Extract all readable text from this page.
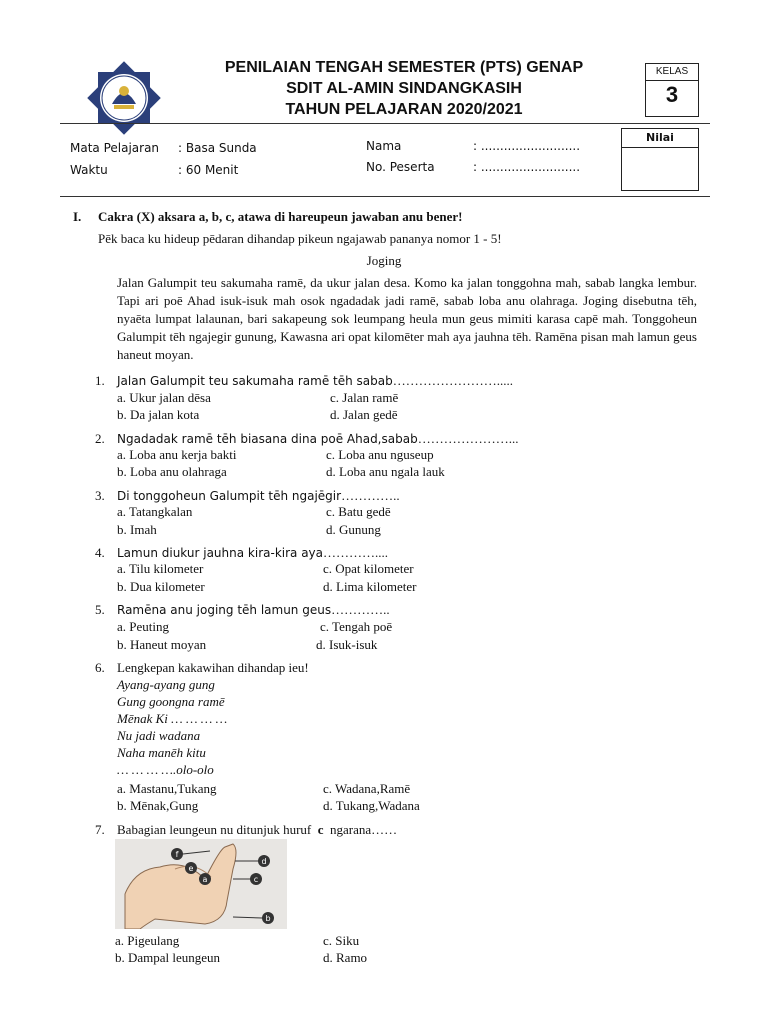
PENILAIAN TENGAH SEMESTER (PTS) GENAP
SDIT AL-AMIN SINDANGKASIH
TAHUN PELAJARAN 2020/2021
KELAS
3
Mata Pelajaran : Basa Sunda
Waktu	: 60 Menit
Nama	: ..........................
No. Peserta	: ..........................
Nilai
I. Cakra (X) aksara a, b, c, atawa di hareupeun jawaban anu bener!
Pēk baca ku hideup pēdaran dihandap pikeun ngajawab pananya nomor 1 - 5!
Joging
Jalan Galumpit teu sakumaha ramē, da ukur jalan desa. Komo ka jalan tonggohna mah, sabab langka lembur. Tapi ari poē Ahad isuk-isuk mah osok ngadadak jadi ramē, sabab loba anu olahraga. Joging disebutna tēh, nyaēta lumpat lalaunan, bari sakapeung sok leumpang heula mun geus mimiti karasa capē mah. Tonggoheun Galumpit tēh ngajegir gunung, Kawasna ari opat kilomēter mah aya jauhna tēh. Ramēna pisan mah lamun geus haneut moyan.
1. Jalan Galumpit teu sakumaha ramē tēh sabab…………………….....
a. Ukur jalan dēsa	c. Jalan ramē
b. Da jalan kota	d. Jalan gedē
2. Ngadadak ramē tēh biasana dina poē Ahad,sabab…………………...
a. Loba anu kerja bakti	c. Loba anu nguseup
b. Loba anu olahraga	d. Loba anu ngala lauk
3. Di tonggoheun Galumpit tēh ngajēgir…………..
a. Tatangkalan	c. Batu gedē
b. Imah	d. Gunung
4. Lamun diukur jauhna kira-kira aya…………....
a. Tilu kilometer	c. Opat kilometer
b. Dua kilometer	d. Lima kilometer
5. Ramēna anu joging tēh lamun geus…………..
a. Peuting	c. Tengah poē
b. Haneut moyan	d. Isuk-isuk
6. Lengkepan kakawihan dihandap ieu!
Ayang-ayang gung
Gung goongna ramē
Mēnak Ki … … … …
Nu jadi wadana
Naha manēh kitu
… … … ….olo-olo
a. Mastanu,Tukang	c. Wadana,Ramē
b. Mēnak,Gung	d. Tukang,Wadana
7. Babagian leungeun nu ditunjuk huruf c ngarana……
f
e
a
d
c
b
a. Pigeulang	c. Siku
b. Dampal leungeun	d. Ramo
